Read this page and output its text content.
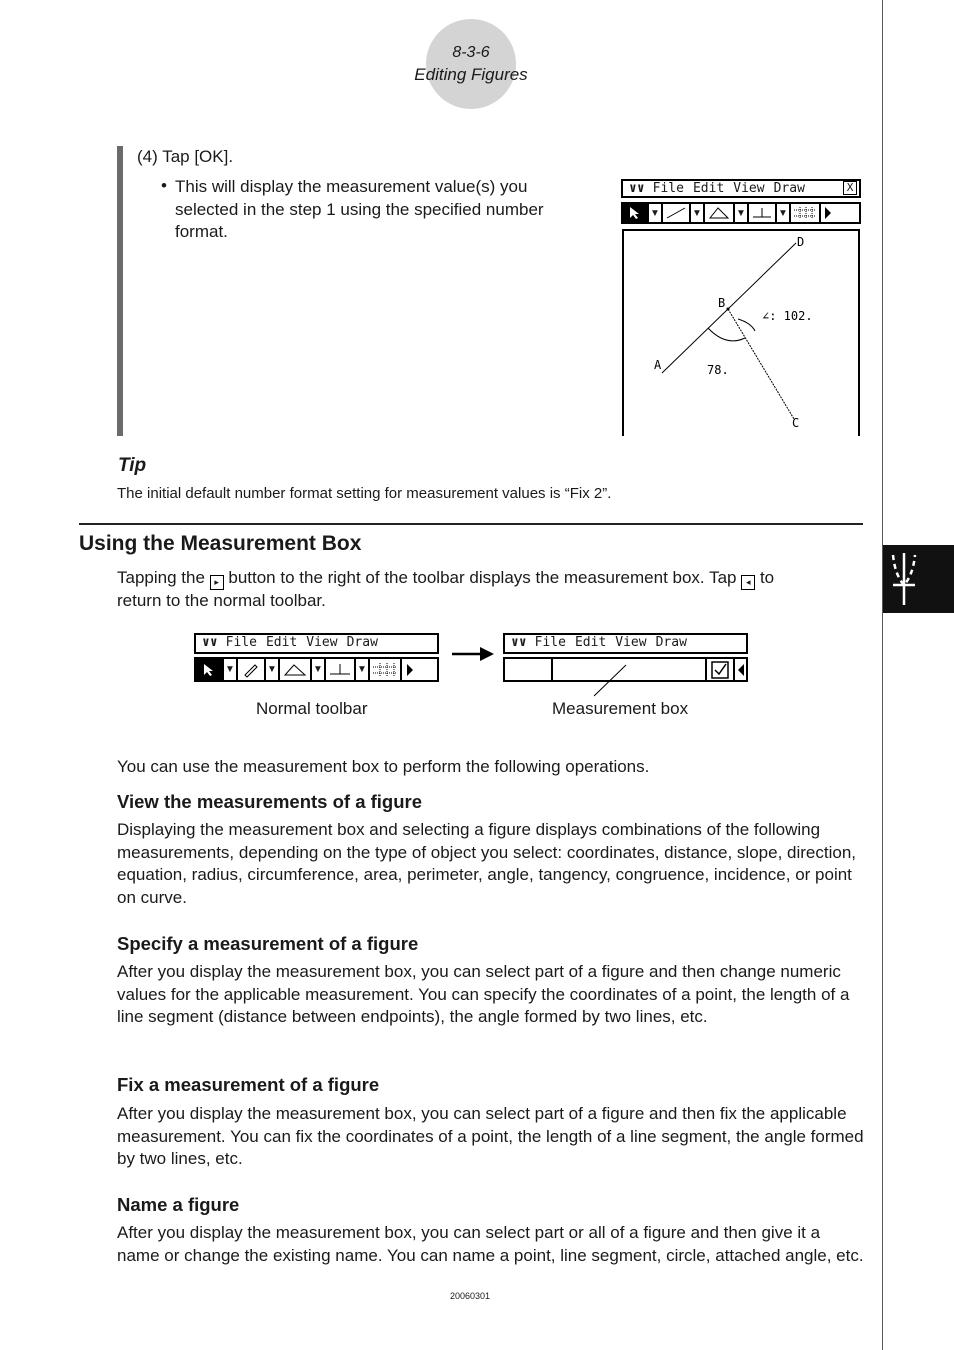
8-3-6
Editing Figures
(4) Tap [OK].
• This will display the measurement value(s) you selected in the step 1 using the specified number format.
∨∨ File Edit View Draw	X
▼	▼	▼	▼
A
B
C
D
∠: 102.
78.
Tip
The initial default number format setting for measurement values is “Fix 2”.
Using the Measurement Box
Tapping the ▸ button to the right of the toolbar displays the measurement box. Tap ◂ to
return to the normal toolbar.
∨∨ File Edit View Draw
▼	▼	▼	▼
∨∨ File Edit View Draw
Normal toolbar	Measurement box
You can use the measurement box to perform the following operations.
View the measurements of a figure
Displaying the measurement box and selecting a figure displays combinations of the following measurements, depending on the type of object you select: coordinates, distance, slope, direction, equation, radius, circumference, area, perimeter, angle, tangency, congruence, incidence, or point on curve.
Specify a measurement of a figure
After you display the measurement box, you can select part of a figure and then change numeric values for the applicable measurement. You can specify the coordinates of a point, the length of a line segment (distance between endpoints), the angle formed by two lines, etc.
Fix a measurement of a figure
After you display the measurement box, you can select part of a figure and then fix the applicable measurement. You can fix the coordinates of a point, the length of a line segment, the angle formed by two lines, etc.
Name a figure
After you display the measurement box, you can select part or all of a figure and then give it a name or change the existing name. You can name a point, line segment, circle, attached angle, etc.
20060301
